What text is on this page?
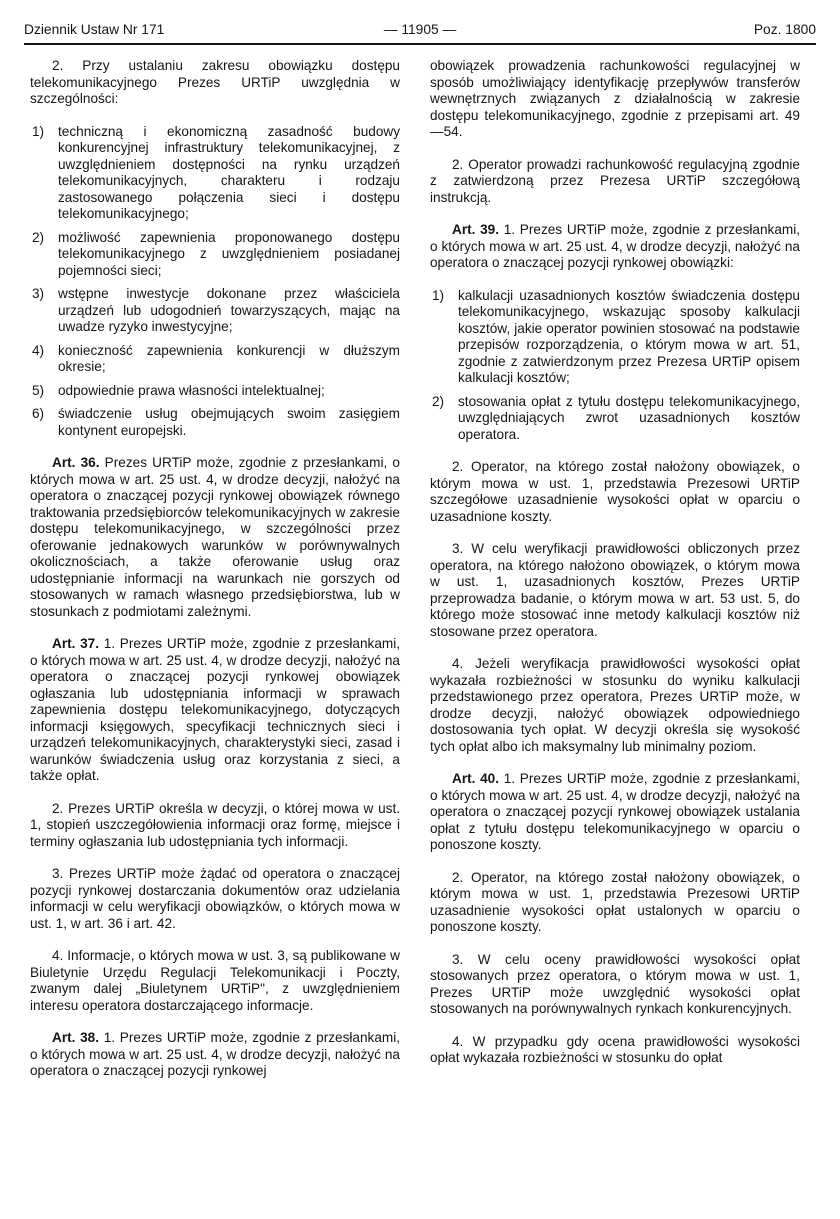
Dziennik Ustaw Nr 171	— 11905 —	Poz. 1800

2. Przy ustalaniu zakresu obowiązku dostępu telekomunikacyjnego Prezes URTiP uwzględnia w szczególności:

1)	techniczną i ekonomiczną zasadność budowy konkurencyjnej infrastruktury telekomunikacyjnej, z uwzględnieniem dostępności na rynku urządzeń telekomunikacyjnych, charakteru i rodzaju zastosowanego połączenia sieci i dostępu telekomunikacyjnego;
2)	możliwość zapewnienia proponowanego dostępu telekomunikacyjnego z uwzględnieniem posiadanej pojemności sieci;
3)	wstępne inwestycje dokonane przez właściciela urządzeń lub udogodnień towarzyszących, mając na uwadze ryzyko inwestycyjne;
4)	konieczność zapewnienia konkurencji w dłuższym okresie;
5)	odpowiednie prawa własności intelektualnej;
6)	świadczenie usług obejmujących swoim zasięgiem kontynent europejski.

Art. 36. Prezes URTiP może, zgodnie z przesłankami, o których mowa w art. 25 ust. 4, w drodze decyzji, nałożyć na operatora o znaczącej pozycji rynkowej obowiązek równego traktowania przedsiębiorców telekomunikacyjnych w zakresie dostępu telekomunikacyjnego, w szczególności przez oferowanie jednakowych warunków w porównywalnych okolicznościach, a także oferowanie usług oraz udostępnianie informacji na warunkach nie gorszych od stosowanych w ramach własnego przedsiębiorstwa, lub w stosunkach z podmiotami zależnymi.

Art. 37. 1. Prezes URTiP może, zgodnie z przesłankami, o których mowa w art. 25 ust. 4, w drodze decyzji, nałożyć na operatora o znaczącej pozycji rynkowej obowiązek ogłaszania lub udostępniania informacji w sprawach zapewnienia dostępu telekomunikacyjnego, dotyczących informacji księgowych, specyfikacji technicznych sieci i urządzeń telekomunikacyjnych, charakterystyki sieci, zasad i warunków świadczenia usług oraz korzystania z sieci, a także opłat.

2. Prezes URTiP określa w decyzji, o której mowa w ust. 1, stopień uszczegółowienia informacji oraz formę, miejsce i terminy ogłaszania lub udostępniania tych informacji.

3. Prezes URTiP może żądać od operatora o znaczącej pozycji rynkowej dostarczania dokumentów oraz udzielania informacji w celu weryfikacji obowiązków, o których mowa w ust. 1, w art. 36 i art. 42.

4. Informacje, o których mowa w ust. 3, są publikowane w Biuletynie Urzędu Regulacji Telekomunikacji i Poczty, zwanym dalej „Biuletynem URTiP", z uwzględnieniem interesu operatora dostarczającego informacje.

Art. 38. 1. Prezes URTiP może, zgodnie z przesłankami, o których mowa w art. 25 ust. 4, w drodze decyzji, nałożyć na operatora o znaczącej pozycji rynkowej

obowiązek prowadzenia rachunkowości regulacyjnej w sposób umożliwiający identyfikację przepływów transferów wewnętrznych związanych z działalnością w zakresie dostępu telekomunikacyjnego, zgodnie z przepisami art. 49—54.

2. Operator prowadzi rachunkowość regulacyjną zgodnie z zatwierdzoną przez Prezesa URTiP szczegółową instrukcją.

Art. 39. 1. Prezes URTiP może, zgodnie z przesłankami, o których mowa w art. 25 ust. 4, w drodze decyzji, nałożyć na operatora o znaczącej pozycji rynkowej obowiązki:

1)	kalkulacji uzasadnionych kosztów świadczenia dostępu telekomunikacyjnego, wskazując sposoby kalkulacji kosztów, jakie operator powinien stosować na podstawie przepisów rozporządzenia, o którym mowa w art. 51, zgodnie z zatwierdzonym przez Prezesa URTiP opisem kalkulacji kosztów;
2)	stosowania opłat z tytułu dostępu telekomunikacyjnego, uwzględniających zwrot uzasadnionych kosztów operatora.

2. Operator, na którego został nałożony obowiązek, o którym mowa w ust. 1, przedstawia Prezesowi URTiP szczegółowe uzasadnienie wysokości opłat w oparciu o uzasadnione koszty.

3. W celu weryfikacji prawidłowości obliczonych przez operatora, na którego nałożono obowiązek, o którym mowa w ust. 1, uzasadnionych kosztów, Prezes URTiP przeprowadza badanie, o którym mowa w art. 53 ust. 5, do którego może stosować inne metody kalkulacji kosztów niż stosowane przez operatora.

4. Jeżeli weryfikacja prawidłowości wysokości opłat wykazała rozbieżności w stosunku do wyniku kalkulacji przedstawionego przez operatora, Prezes URTiP może, w drodze decyzji, nałożyć obowiązek odpowiedniego dostosowania tych opłat. W decyzji określa się wysokość tych opłat albo ich maksymalny lub minimalny poziom.

Art. 40. 1. Prezes URTiP może, zgodnie z przesłankami, o których mowa w art. 25 ust. 4, w drodze decyzji, nałożyć na operatora o znaczącej pozycji rynkowej obowiązek ustalania opłat z tytułu dostępu telekomunikacyjnego w oparciu o ponoszone koszty.

2. Operator, na którego został nałożony obowiązek, o którym mowa w ust. 1, przedstawia Prezesowi URTiP uzasadnienie wysokości opłat ustalonych w oparciu o ponoszone koszty.

3. W celu oceny prawidłowości wysokości opłat stosowanych przez operatora, o którym mowa w ust. 1, Prezes URTiP może uwzględnić wysokości opłat stosowanych na porównywalnych rynkach konkurencyjnych.

4. W przypadku gdy ocena prawidłowości wysokości opłat wykazała rozbieżności w stosunku do opłat
